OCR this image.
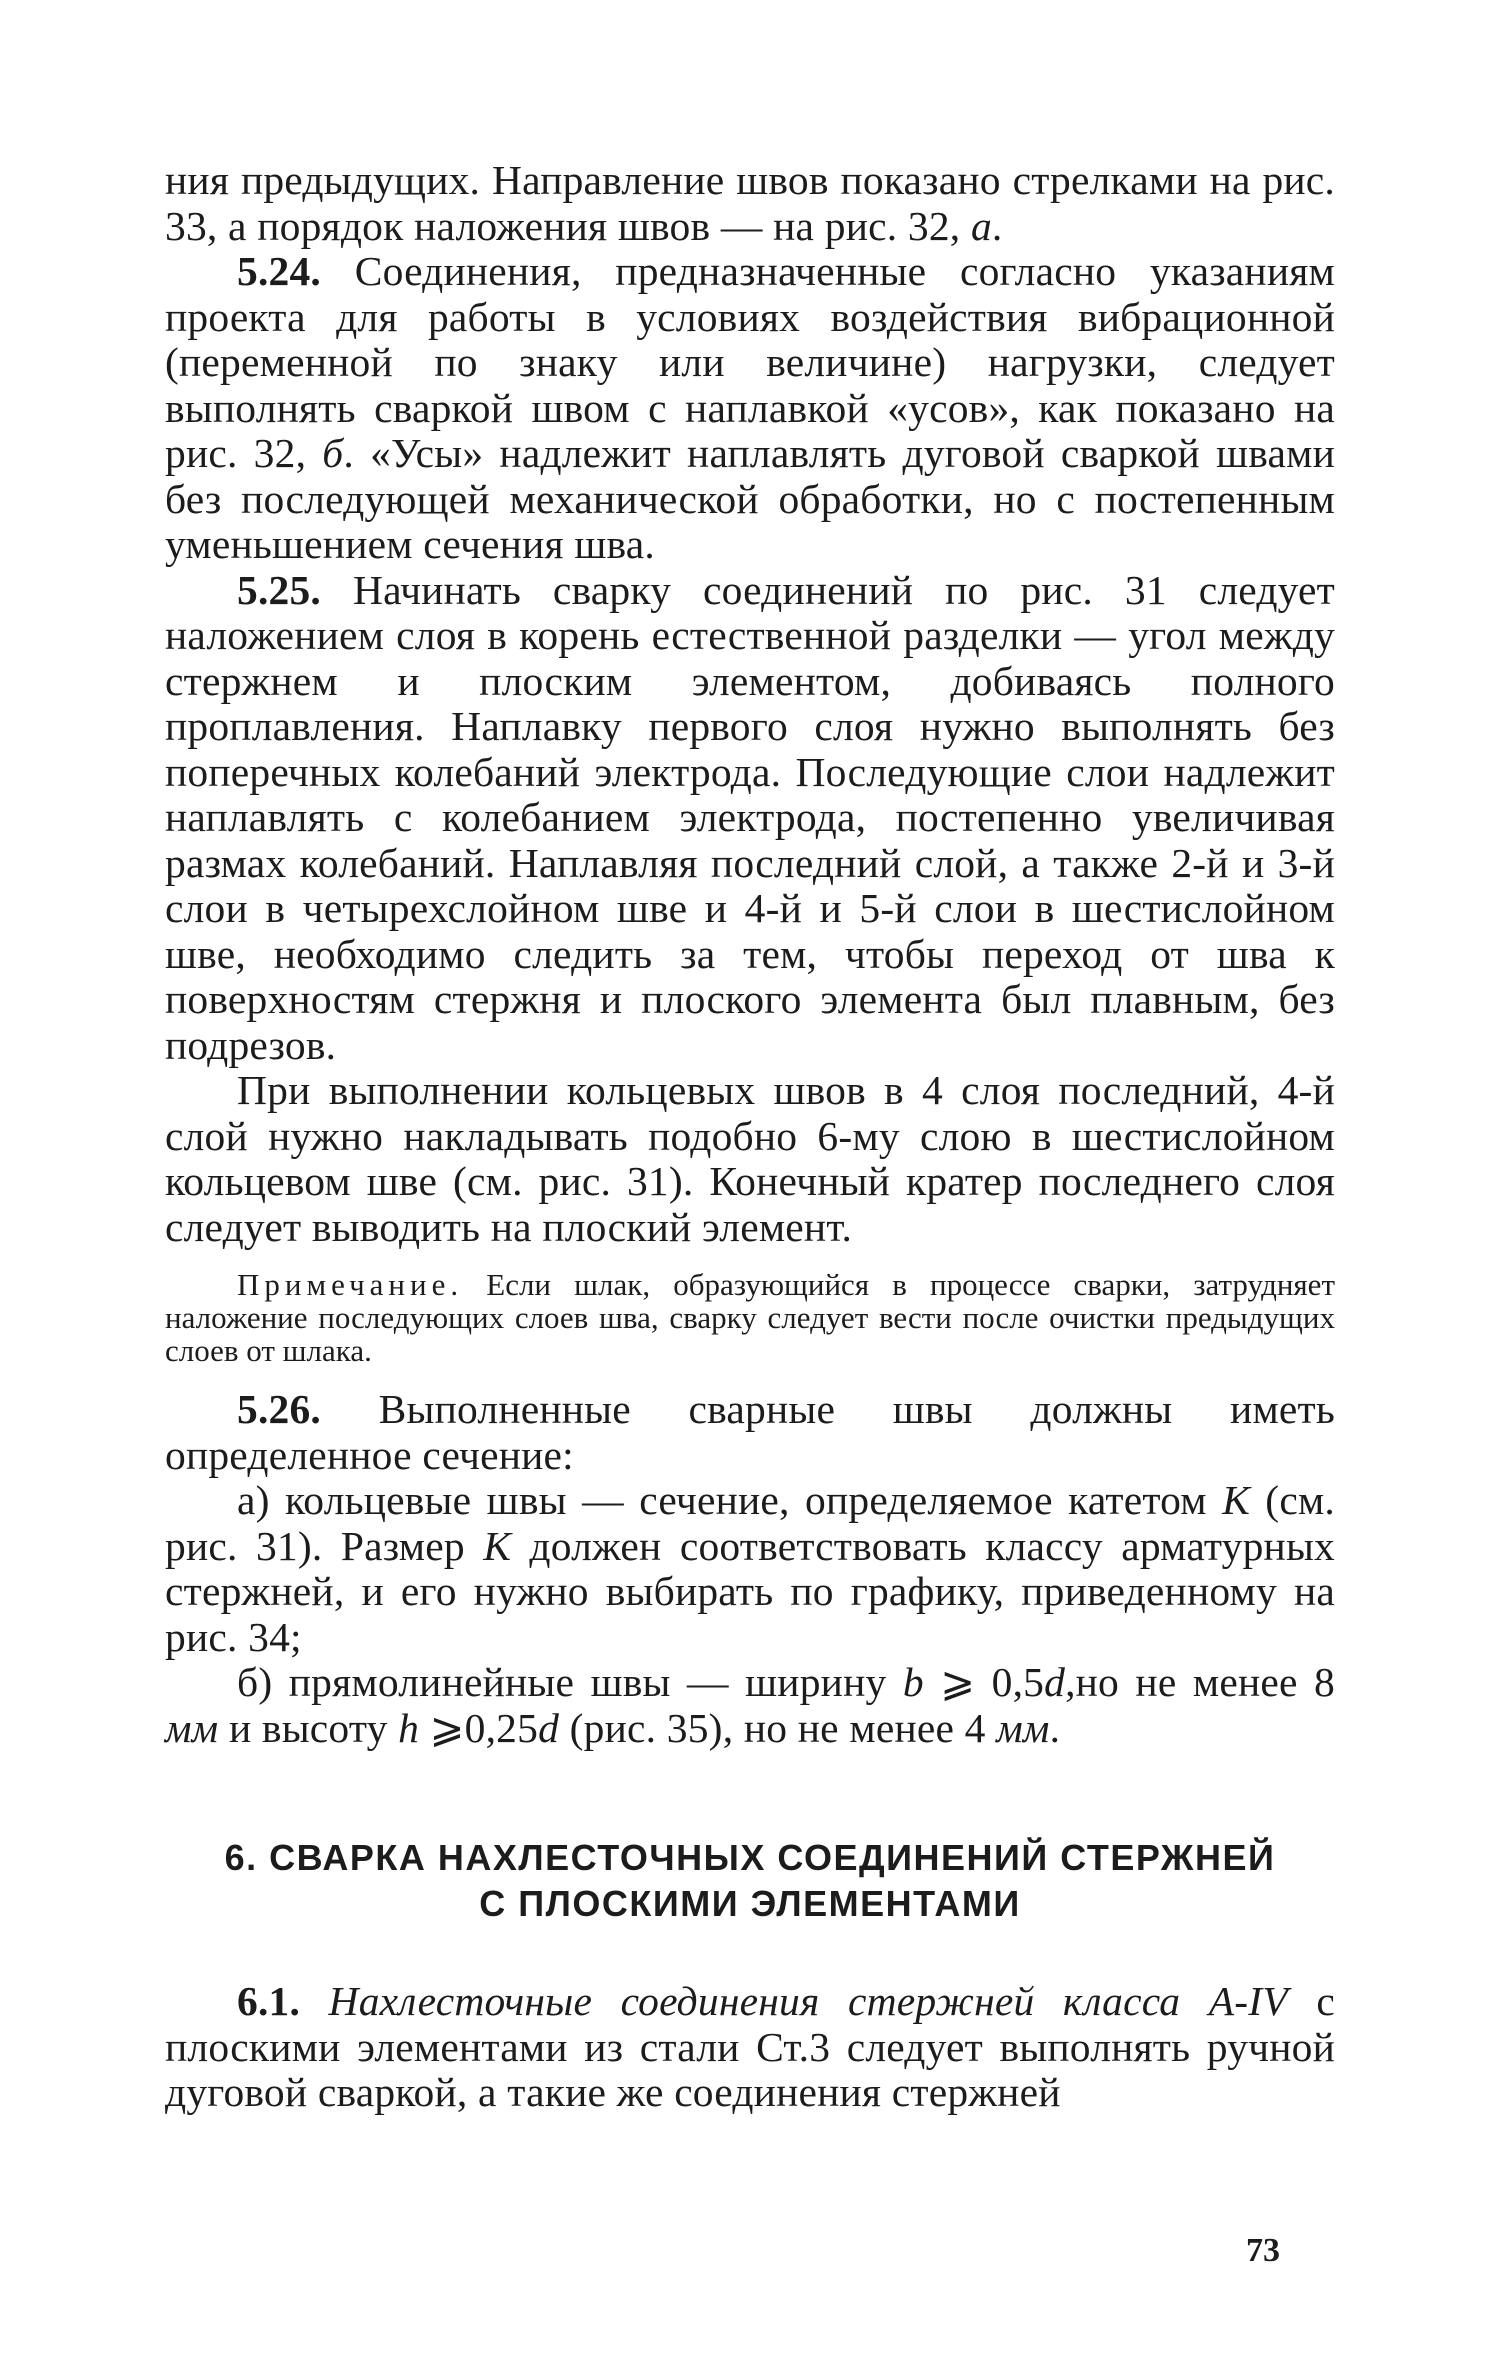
ния предыдущих. Направление швов показано стрелками на рис. 33, а порядок наложения швов — на рис. 32, а.

5.24. Соединения, предназначенные согласно указаниям проекта для работы в условиях воздействия вибрационной (переменной по знаку или величине) нагрузки, следует выполнять сваркой швом с наплавкой «усов», как показано на рис. 32, б. «Усы» надлежит наплавлять дуговой сваркой швами без последующей механической обработки, но с постепенным уменьшением сечения шва.

5.25. Начинать сварку соединений по рис. 31 следует наложением слоя в корень естественной разделки — угол между стержнем и плоским элементом, добиваясь полного проплавления. Наплавку первого слоя нужно выполнять без поперечных колебаний электрода. Последующие слои надлежит наплавлять с колебанием электрода, постепенно увеличивая размах колебаний. Наплавляя последний слой, а также 2-й и 3-й слои в четырехслойном шве и 4-й и 5-й слои в шестислойном шве, необходимо следить за тем, чтобы переход от шва к поверхностям стержня и плоского элемента был плавным, без подрезов.

При выполнении кольцевых швов в 4 слоя последний, 4-й слой нужно накладывать подобно 6-му слою в шестислойном кольцевом шве (см. рис. 31). Конечный кратер последнего слоя следует выводить на плоский элемент.

Примечание. Если шлак, образующийся в процессе сварки, затрудняет наложение последующих слоев шва, сварку следует вести после очистки предыдущих слоев от шлака.

5.26. Выполненные сварные швы должны иметь определенное сечение:

а) кольцевые швы — сечение, определяемое катетом К (см. рис. 31). Размер К должен соответствовать классу арматурных стержней, и его нужно выбирать по графику, приведенному на рис. 34;

б) прямолинейные швы — ширину b ⩾ 0,5d,но не менее 8 мм и высоту h ⩾0,25d (рис. 35), но не менее 4 мм.

6. СВАРКА НАХЛЕСТОЧНЫХ СОЕДИНЕНИЙ СТЕРЖНЕЙ
С ПЛОСКИМИ ЭЛЕМЕНТАМИ

6.1. Нахлесточные соединения стержней класса А-IV с плоскими элементами из стали Ст.3 следует выполнять ручной дуговой сваркой, а такие же соединения стержней

73
